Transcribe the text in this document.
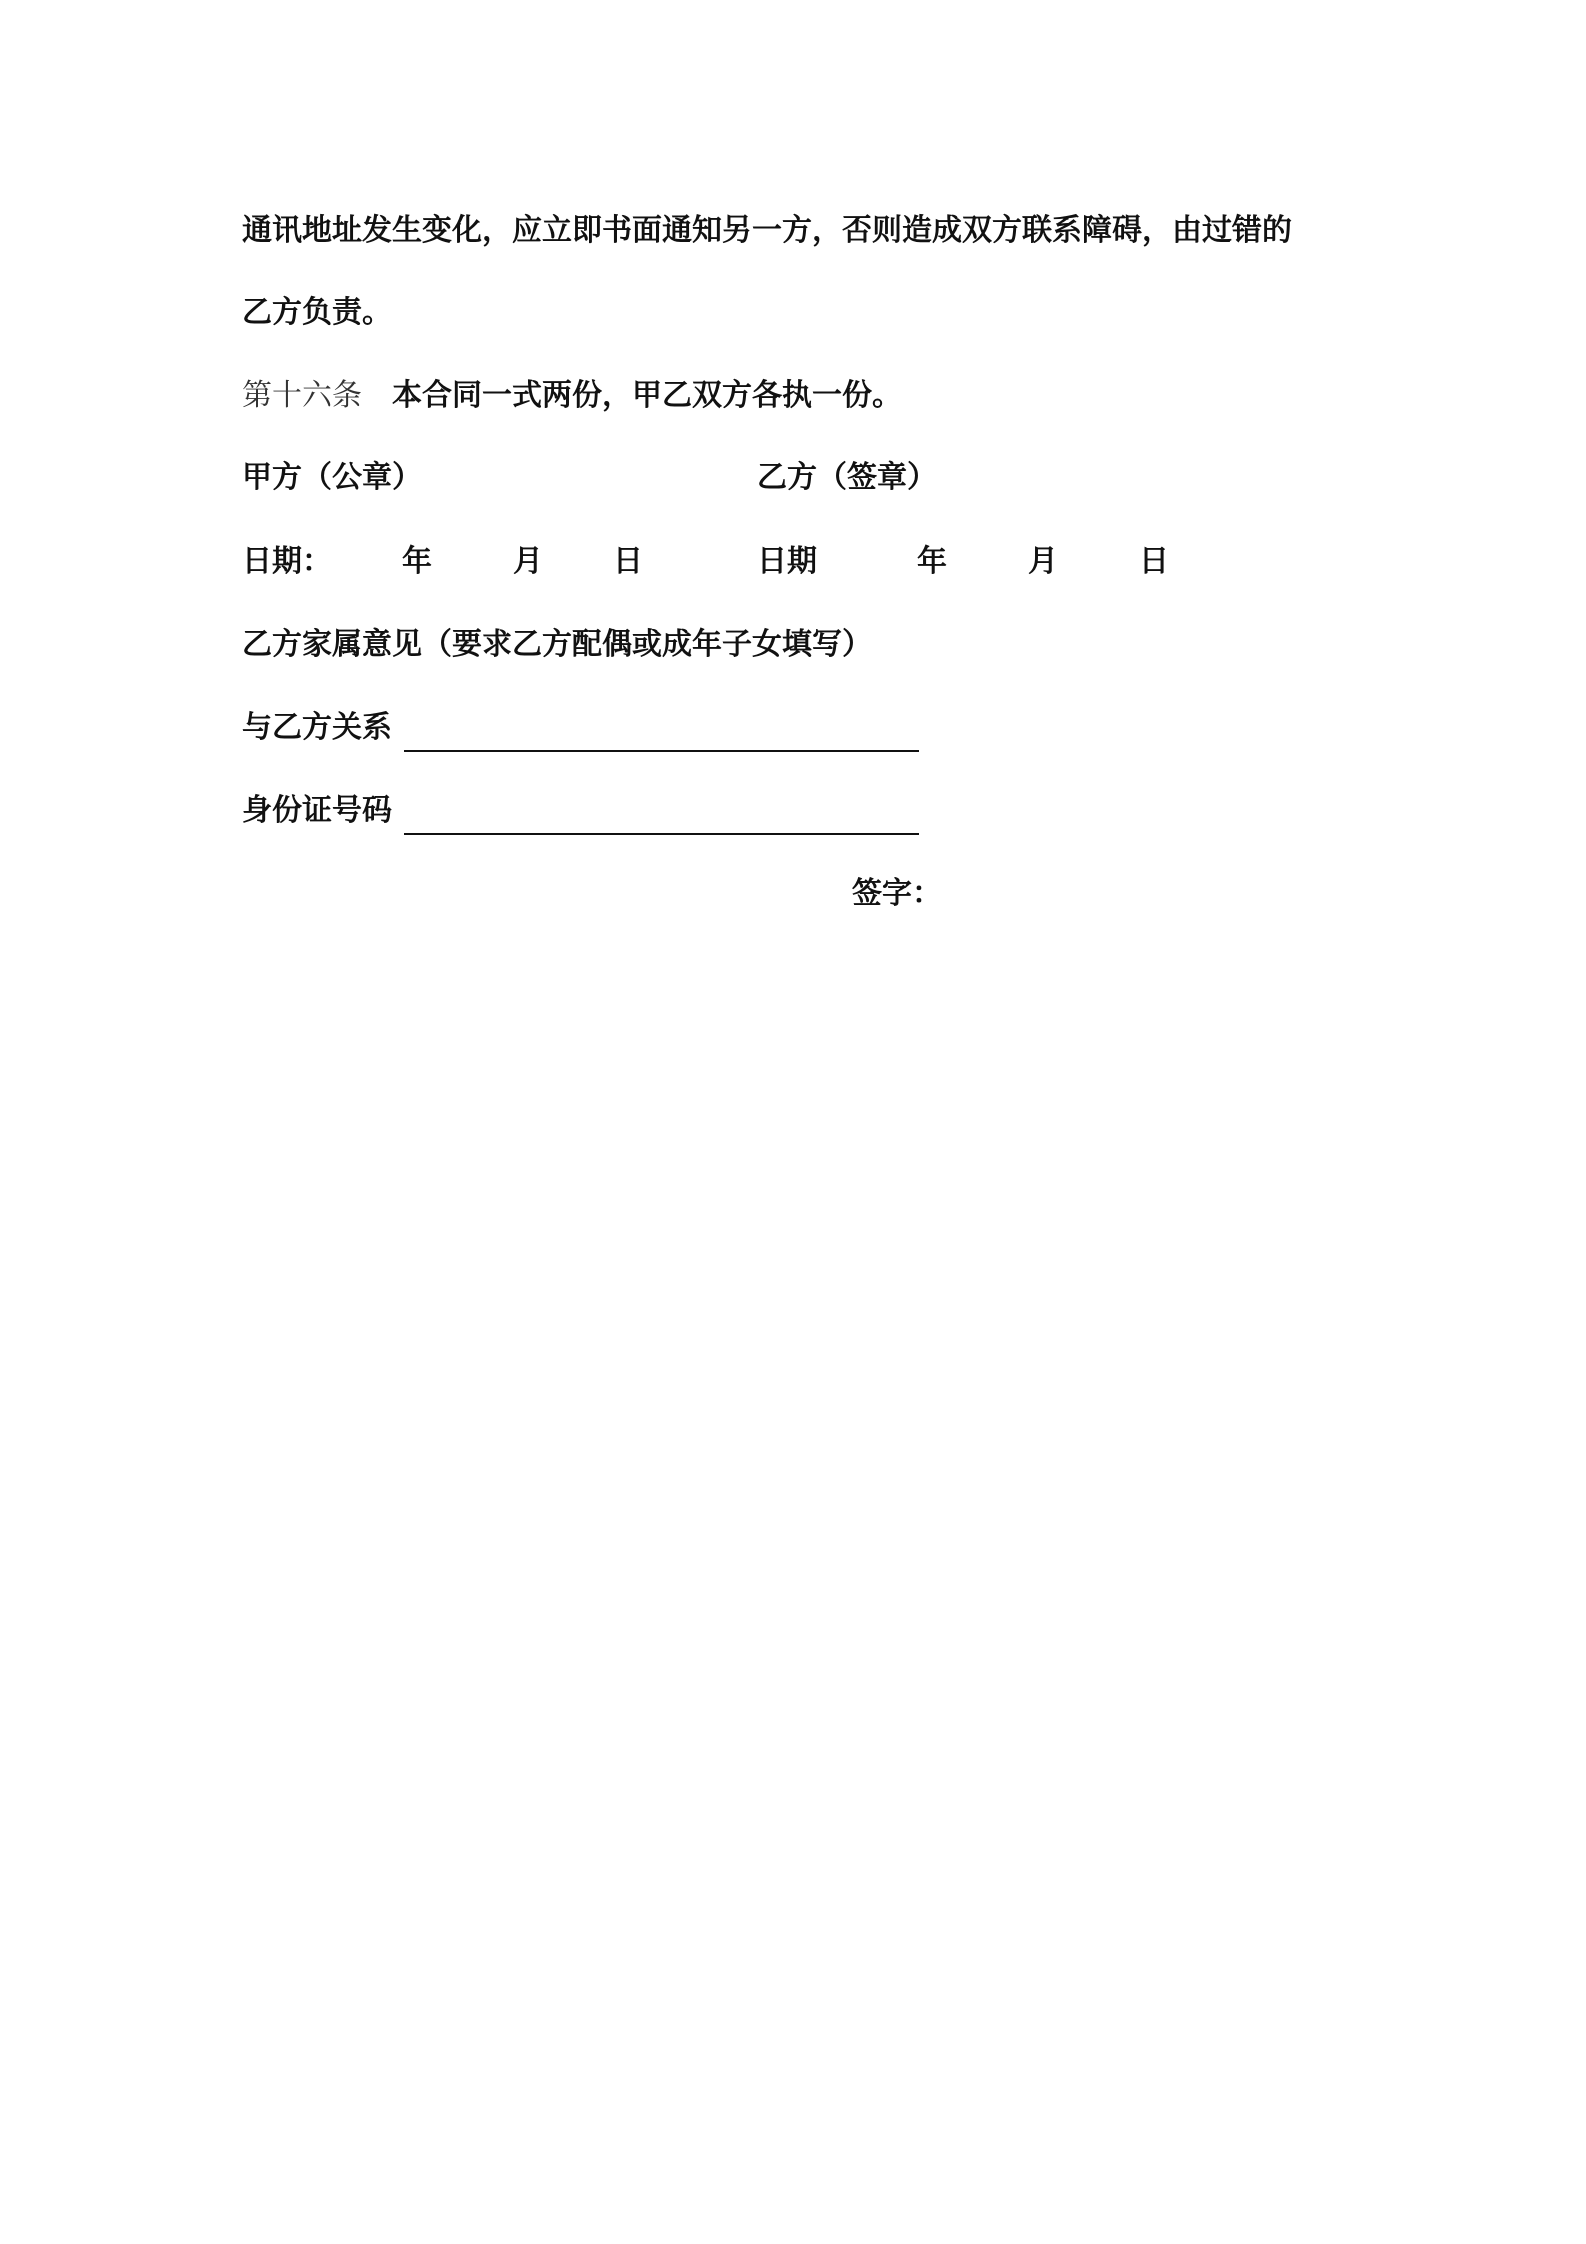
通讯地址发生变化，应立即书面通知另一方，否则造成双方联系障碍，由过错的
乙方负责。
第十六条 本合同一式两份，甲乙双方各执一份。
甲方（公章）	乙方（签章）
日期： 年	月 日	日期	年	月	日
乙方家属意见（要求乙方配偶或成年子女填写）
与乙方关系
身份证号码
签字：
